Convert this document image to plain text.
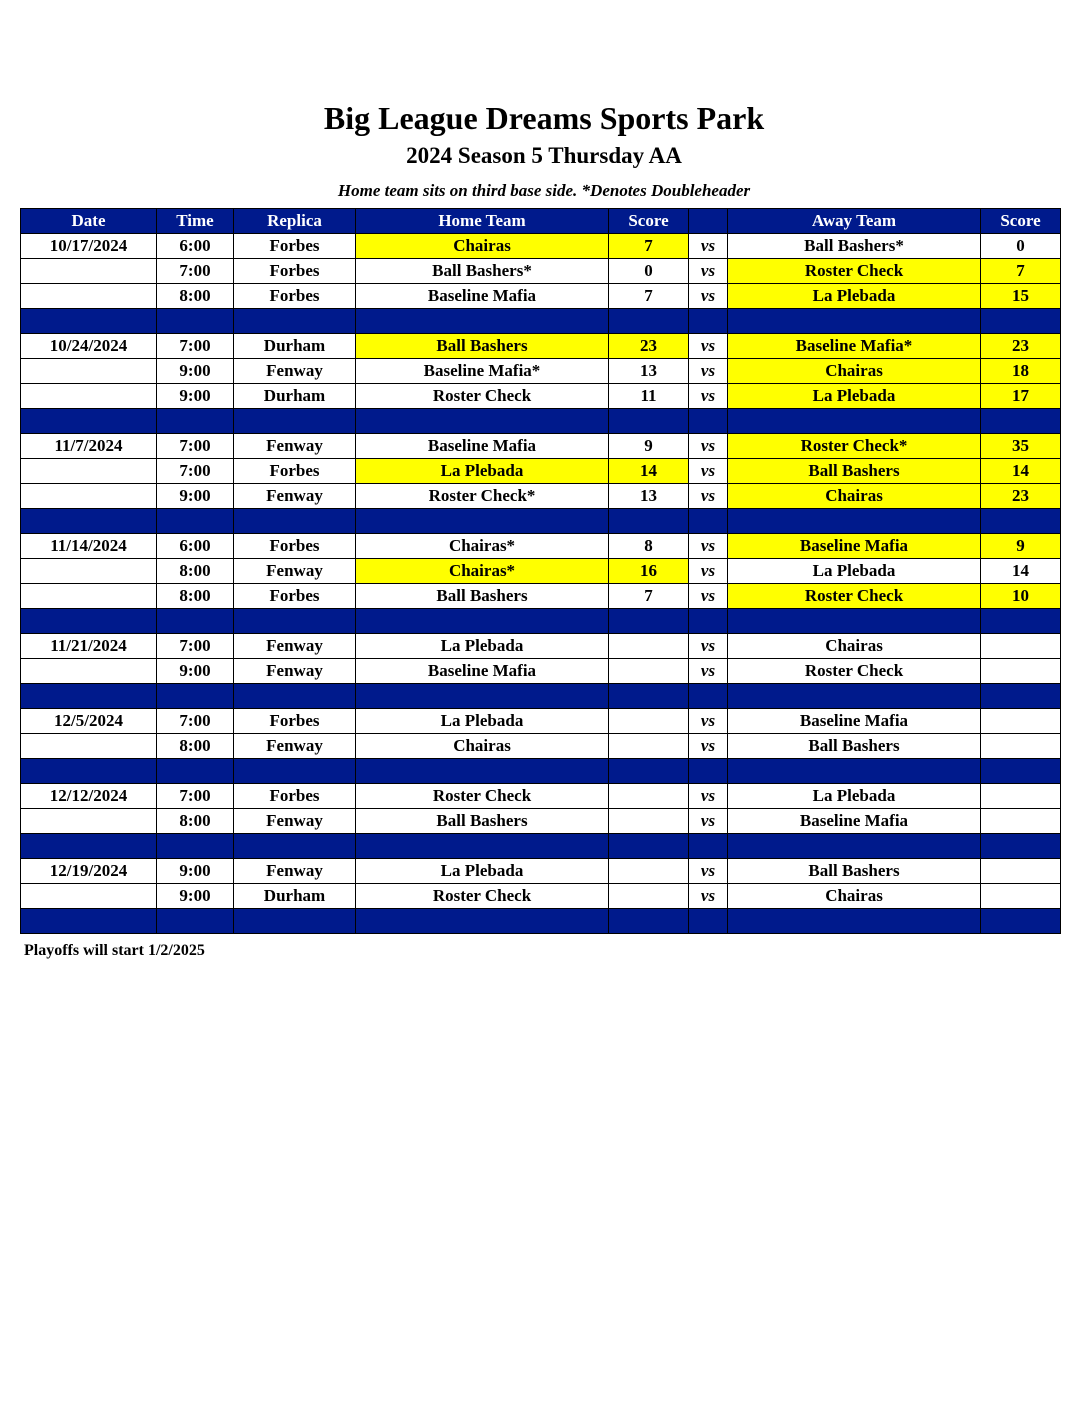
Big League Dreams Sports Park
2024 Season 5 Thursday AA
Home team sits on third base side. *Denotes Doubleheader
Date	Time	Replica	Home Team	Score		Away Team	Score
10/17/2024	6:00	Forbes	Chairas	7	vs	Ball Bashers*	0
	7:00	Forbes	Ball Bashers*	0	vs	Roster Check	7
	8:00	Forbes	Baseline Mafia	7	vs	La Plebada	15

10/24/2024	7:00	Durham	Ball Bashers	23	vs	Baseline Mafia*	23
	9:00	Fenway	Baseline Mafia*	13	vs	Chairas	18
	9:00	Durham	Roster Check	11	vs	La Plebada	17

11/7/2024	7:00	Fenway	Baseline Mafia	9	vs	Roster Check*	35
	7:00	Forbes	La Plebada	14	vs	Ball Bashers	14
	9:00	Fenway	Roster Check*	13	vs	Chairas	23

11/14/2024	6:00	Forbes	Chairas*	8	vs	Baseline Mafia	9
	8:00	Fenway	Chairas*	16	vs	La Plebada	14
	8:00	Forbes	Ball Bashers	7	vs	Roster Check	10

11/21/2024	7:00	Fenway	La Plebada		vs	Chairas	
	9:00	Fenway	Baseline Mafia		vs	Roster Check	

12/5/2024	7:00	Forbes	La Plebada		vs	Baseline Mafia	
	8:00	Fenway	Chairas		vs	Ball Bashers	

12/12/2024	7:00	Forbes	Roster Check		vs	La Plebada	
	8:00	Fenway	Ball Bashers		vs	Baseline Mafia	

12/19/2024	9:00	Fenway	La Plebada		vs	Ball Bashers	
	9:00	Durham	Roster Check		vs	Chairas	

Playoffs will start 1/2/2025
